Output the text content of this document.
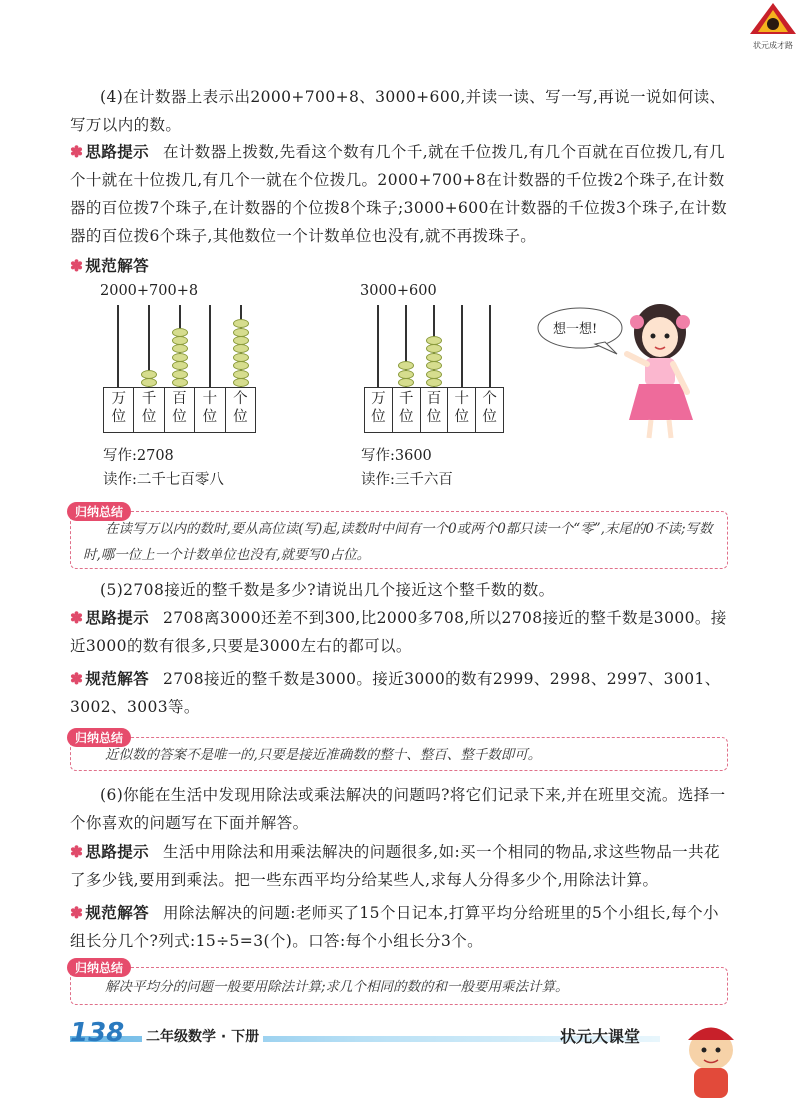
状元成才路
(4)在计数器上表示出2000+700+8、3000+600,并读一读、写一写,再说一说如何读、写万以内的数。
✽ 思路提示 在计数器上拨数,先看这个数有几个千,就在千位拨几,有几个百就在百位拨几,有几个十就在十位拨几,有几个一就在个位拨几。2000+700+8在计数器的千位拨2个珠子,在计数器的百位拨7个珠子,在计数器的个位拨8个珠子;3000+600在计数器的千位拨3个珠子,在计数器的百位拨6个珠子,其他数位一个计数单位也没有,就不再拨珠子。
✽ 规范解答
2000+700+8
万
位
千
位
百
位
十
位
个
位
写作:2708
读作:二千七百零八
3000+600
万
位
千
位
百
位
十
位
个
位
写作:3600
读作:三千六百
想一想!
归纳总结
在读写万以内的数时,要从高位读(写)起,读数时中间有一个0或两个0都只读一个“零”,末尾的0不读;写数时,哪一位上一个计数单位也没有,就要写0占位。
(5)2708接近的整千数是多少?请说出几个接近这个整千数的数。
✽ 思路提示 2708离3000还差不到300,比2000多708,所以2708接近的整千数是3000。接近3000的数有很多,只要是3000左右的都可以。
✽ 规范解答 2708接近的整千数是3000。接近3000的数有2999、2998、2997、3001、3002、3003等。
归纳总结
近似数的答案不是唯一的,只要是接近准确数的整十、整百、整千数即可。
(6)你能在生活中发现用除法或乘法解决的问题吗?将它们记录下来,并在班里交流。选择一个你喜欢的问题写在下面并解答。
✽ 思路提示 生活中用除法和用乘法解决的问题很多,如:买一个相同的物品,求这些物品一共花了多少钱,要用到乘法。把一些东西平均分给某些人,求每人分得多少个,用除法计算。
✽ 规范解答 用除法解决的问题:老师买了15个日记本,打算平均分给班里的5个小组长,每个小组长分几个?列式:15÷5=3(个)。口答:每个小组长分3个。
归纳总结
解决平均分的问题一般要用除法计算;求几个相同的数的和一般要用乘法计算。
138 二年级数学 · 下册	状元大课堂
